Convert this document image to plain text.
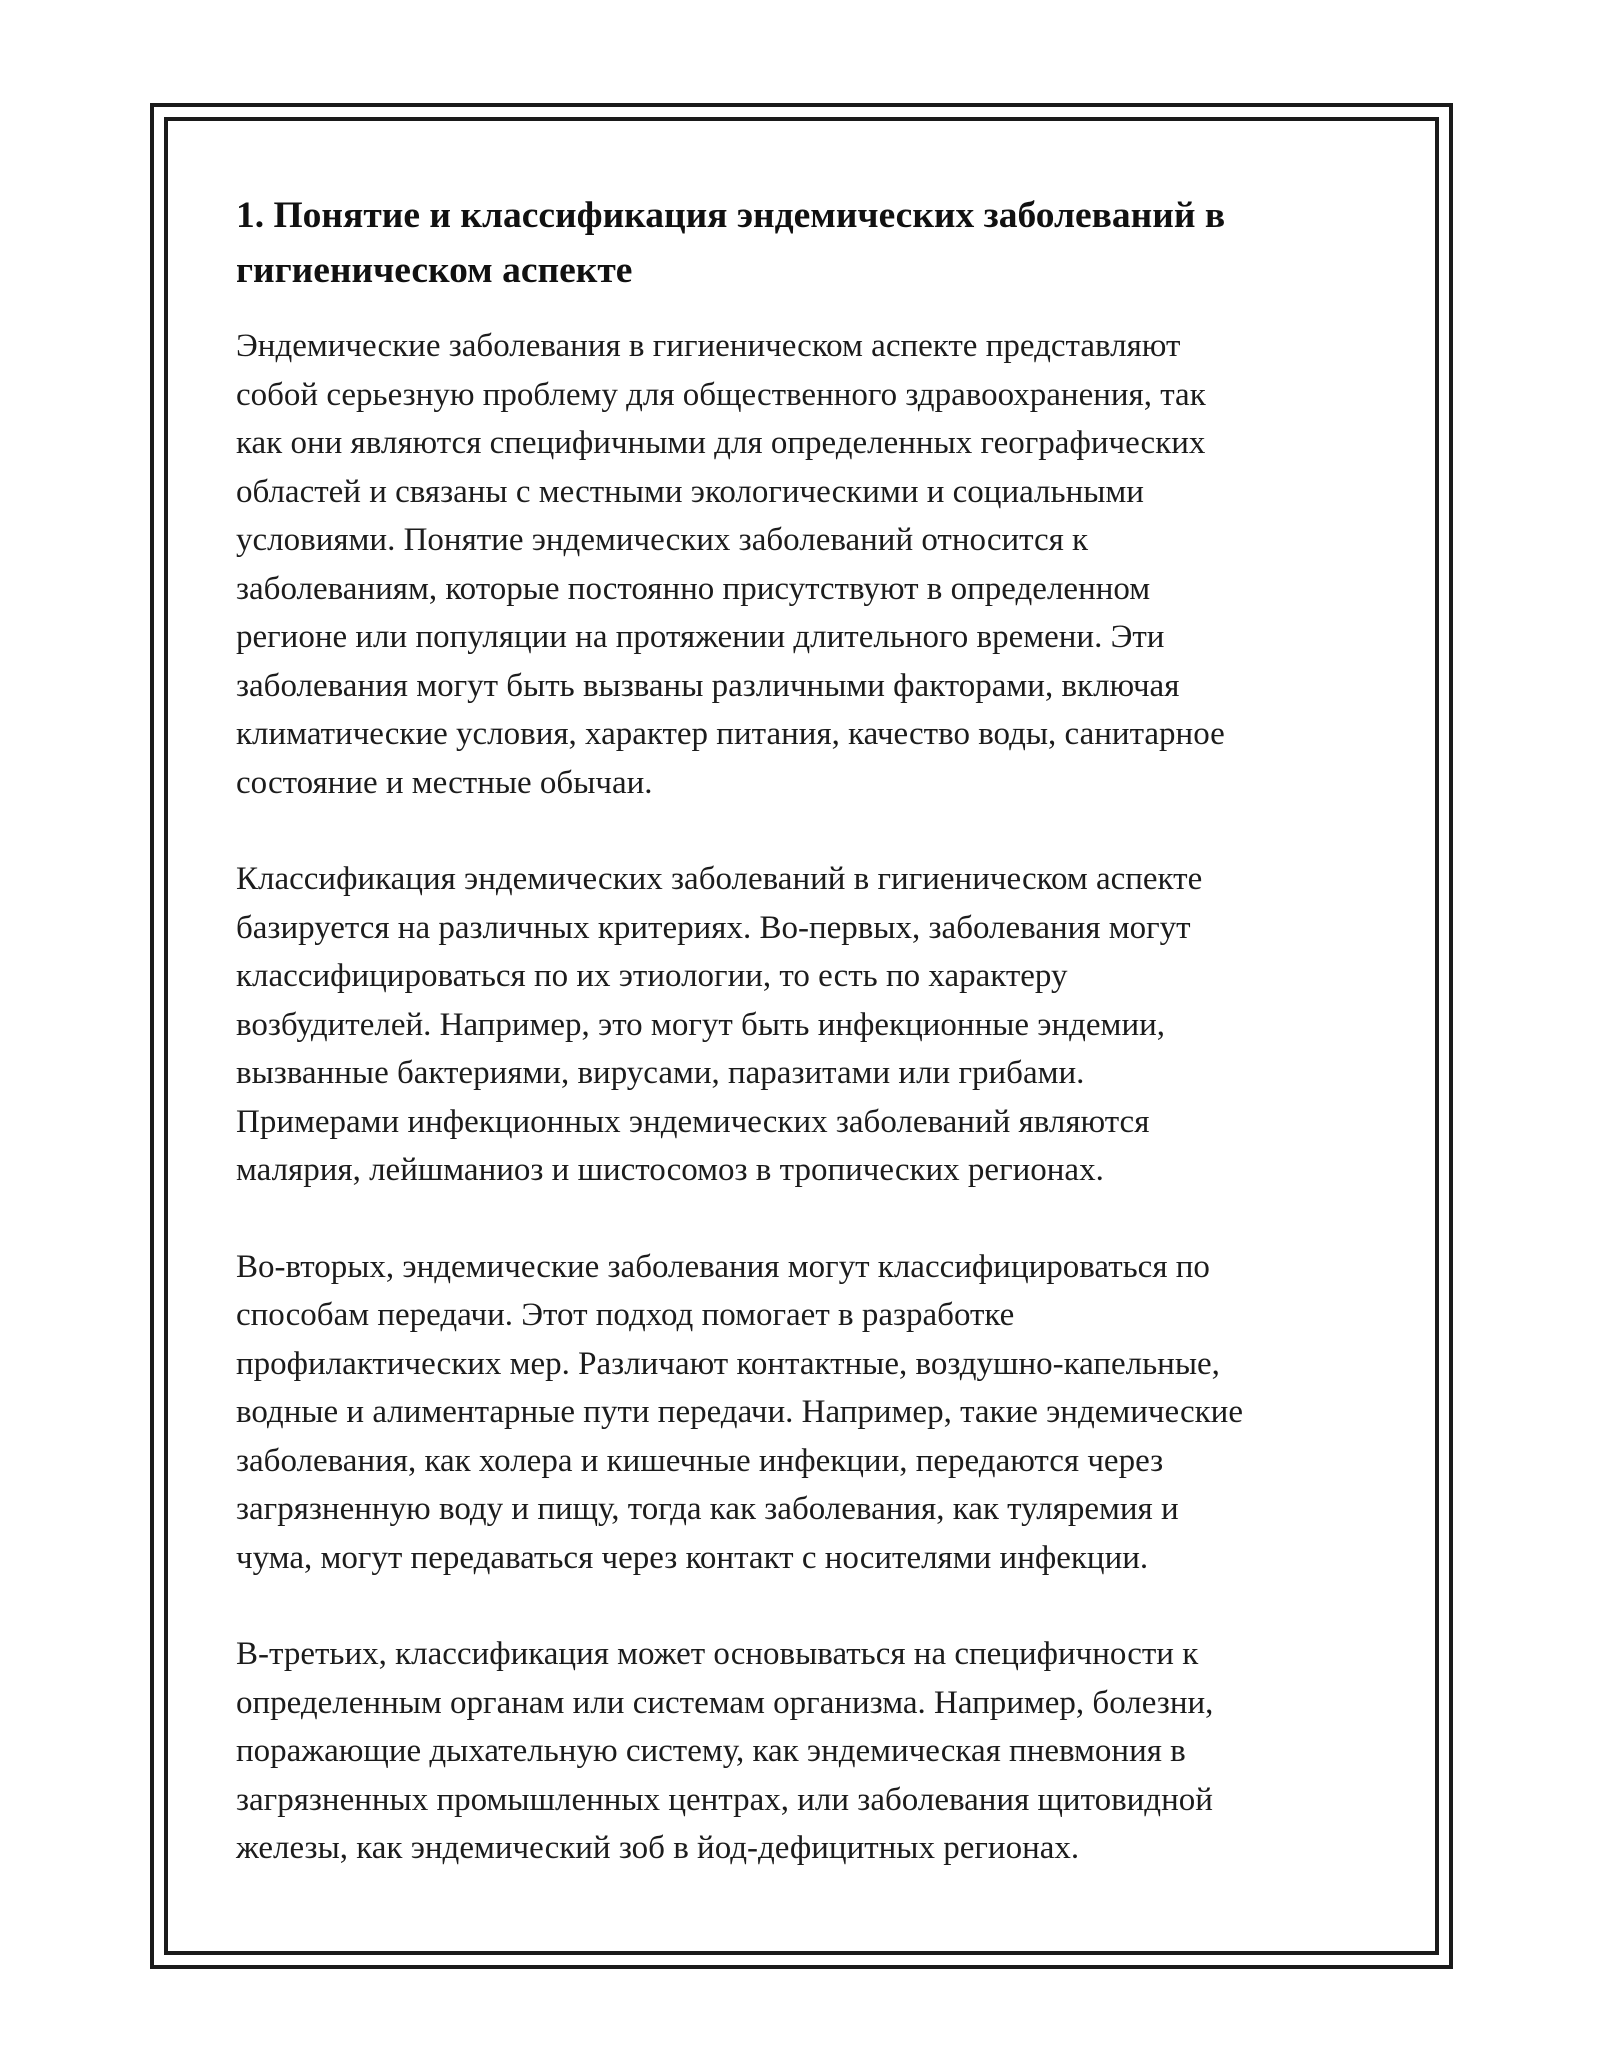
1. Понятие и классификация эндемических заболеваний в
гигиеническом аспекте

Эндемические заболевания в гигиеническом аспекте представляют
собой серьезную проблему для общественного здравоохранения, так
как они являются специфичными для определенных географических
областей и связаны с местными экологическими и социальными
условиями. Понятие эндемических заболеваний относится к
заболеваниям, которые постоянно присутствуют в определенном
регионе или популяции на протяжении длительного времени. Эти
заболевания могут быть вызваны различными факторами, включая
климатические условия, характер питания, качество воды, санитарное
состояние и местные обычаи.

Классификация эндемических заболеваний в гигиеническом аспекте
базируется на различных критериях. Во-первых, заболевания могут
классифицироваться по их этиологии, то есть по характеру
возбудителей. Например, это могут быть инфекционные эндемии,
вызванные бактериями, вирусами, паразитами или грибами.
Примерами инфекционных эндемических заболеваний являются
малярия, лейшманиоз и шистосомоз в тропических регионах.

Во-вторых, эндемические заболевания могут классифицироваться по
способам передачи. Этот подход помогает в разработке
профилактических мер. Различают контактные, воздушно-капельные,
водные и алиментарные пути передачи. Например, такие эндемические
заболевания, как холера и кишечные инфекции, передаются через
загрязненную воду и пищу, тогда как заболевания, как туляремия и
чума, могут передаваться через контакт с носителями инфекции.

В-третьих, классификация может основываться на специфичности к
определенным органам или системам организма. Например, болезни,
поражающие дыхательную систему, как эндемическая пневмония в
загрязненных промышленных центрах, или заболевания щитовидной
железы, как эндемический зоб в йод-дефицитных регионах.
